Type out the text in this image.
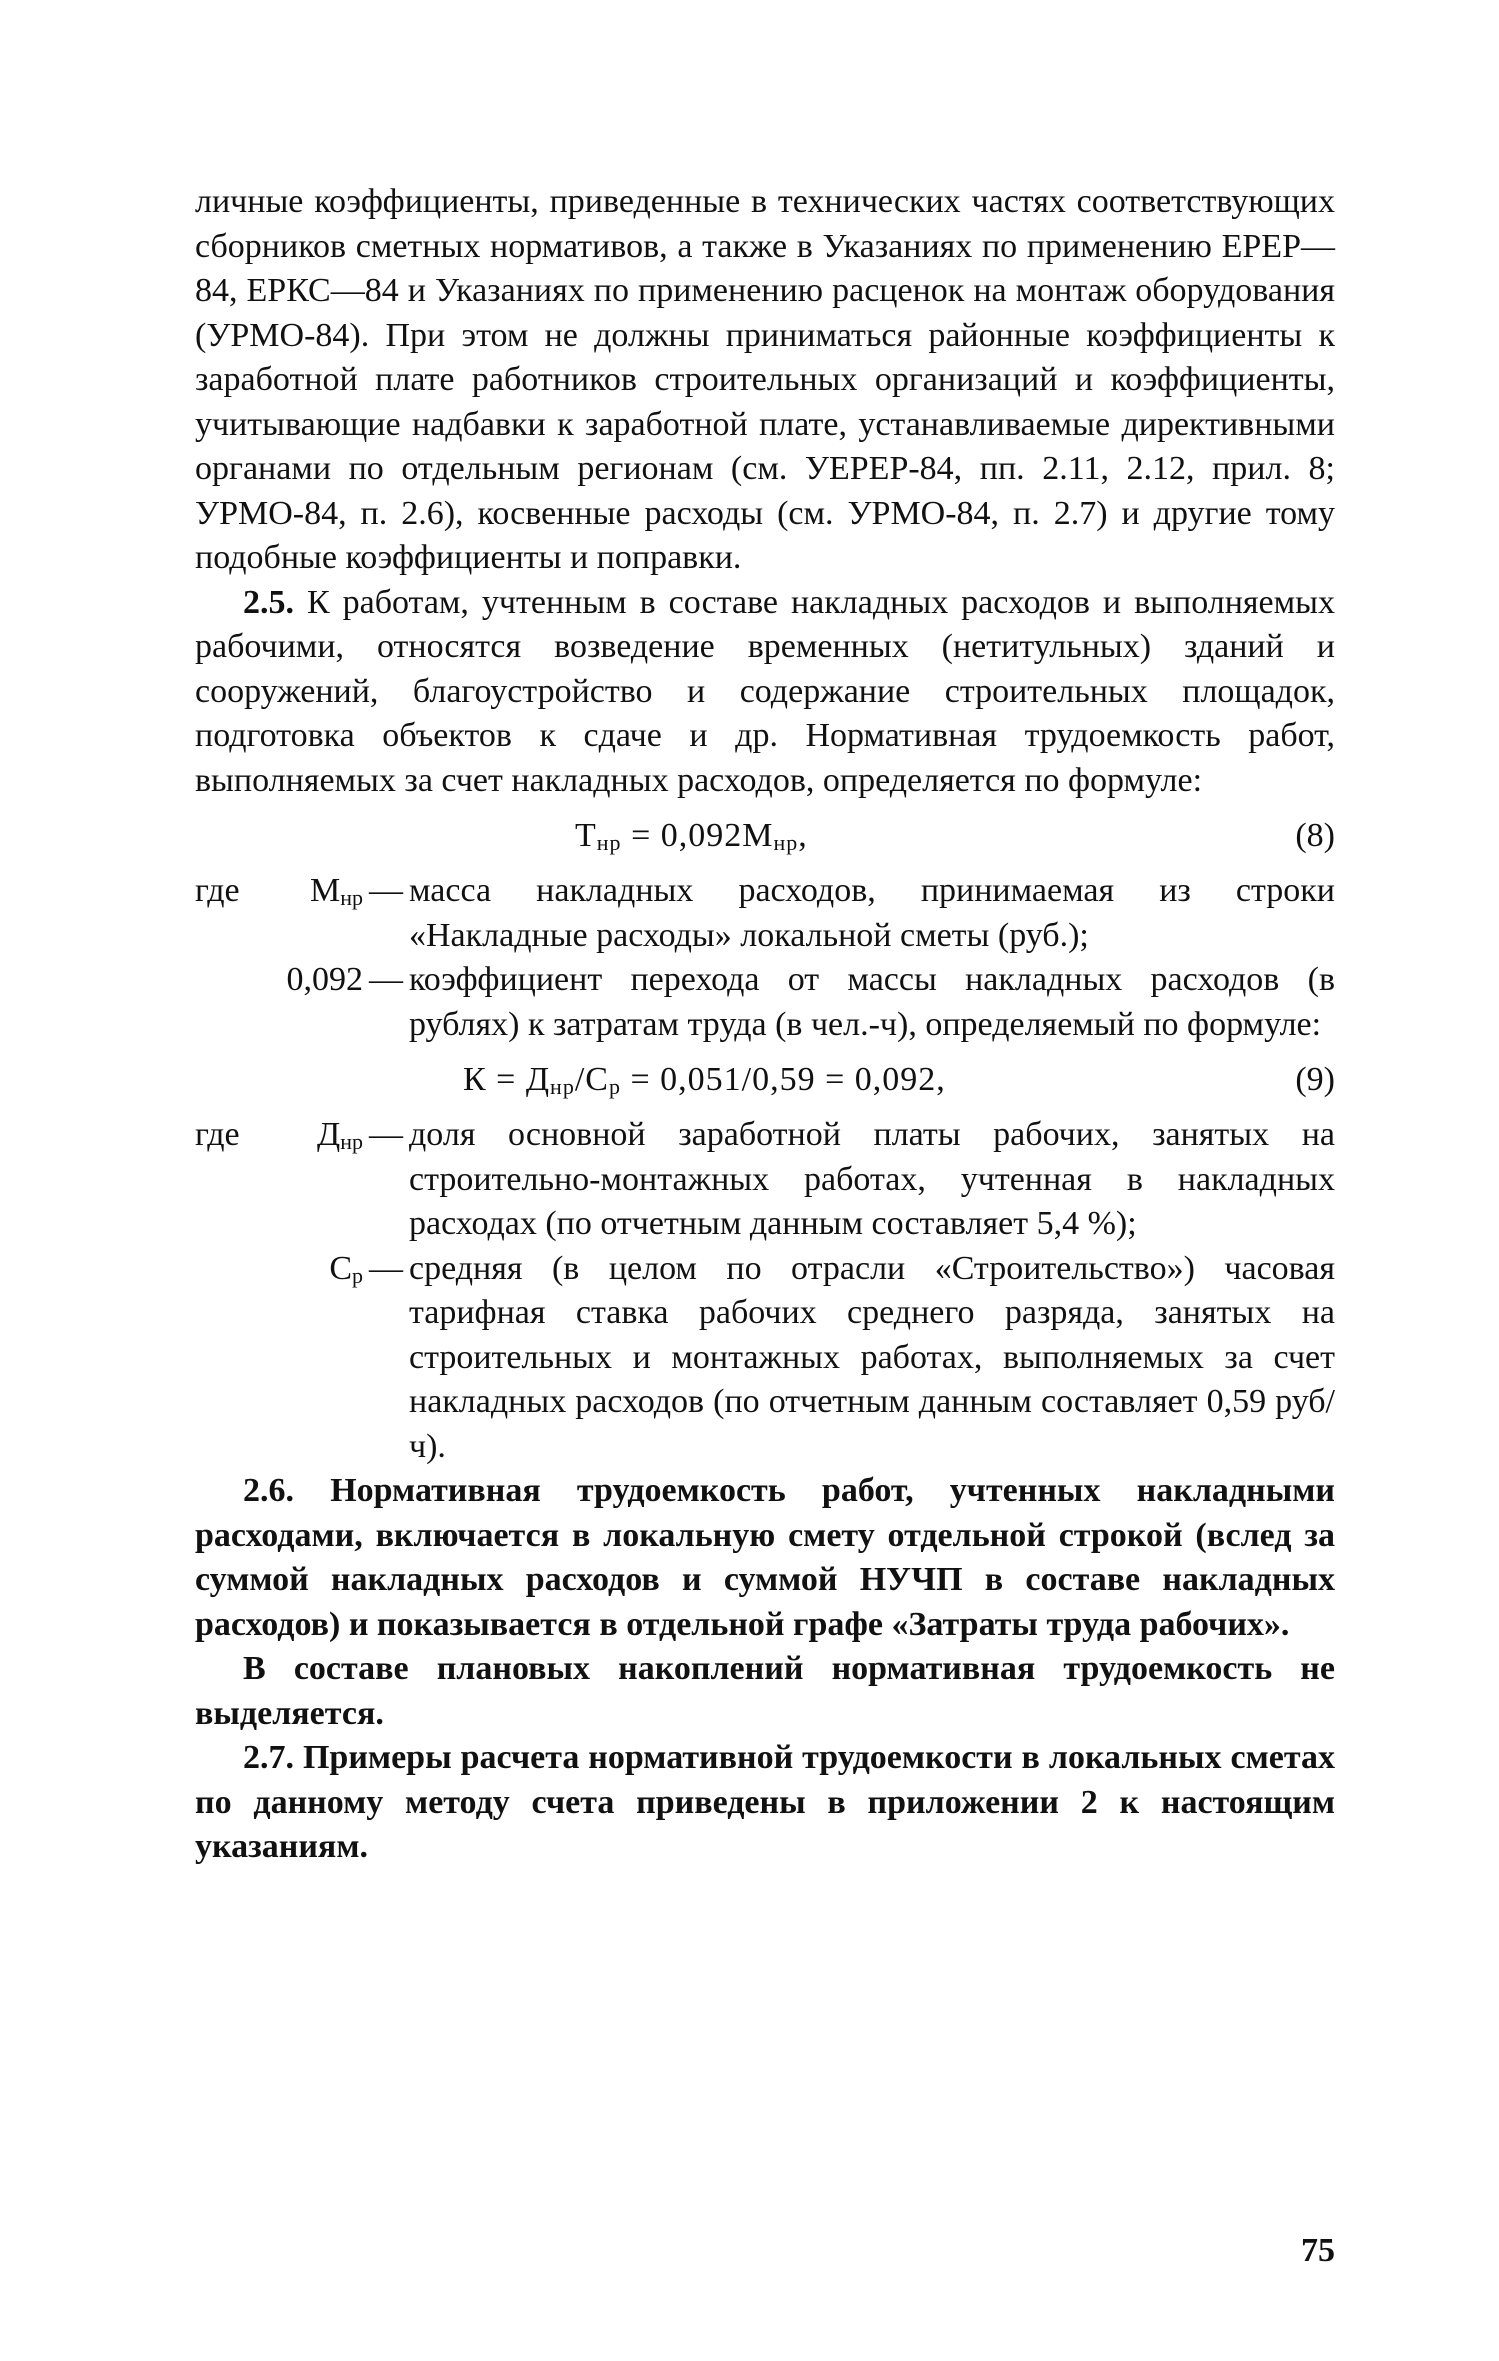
личные коэффициенты, приведенные в технических частях соответствующих сборников сметных нормативов, а также в Указаниях по применению ЕРЕР—84, ЕРКС—84 и Указаниях по применению расценок на монтаж оборудования (УРМО-84). При этом не должны приниматься районные коэффициенты к заработной плате работников строительных организаций и коэффициенты, учитывающие надбавки к заработной плате, устанавливаемые директивными органами по отдельным регионам (см. УЕРЕР-84, пп. 2.11, 2.12, прил. 8; УРМО-84, п. 2.6), косвенные расходы (см. УРМО-84, п. 2.7) и другие тому подобные коэффициенты и поправки.

2.5. К работам, учтенным в составе накладных расходов и выполняемых рабочими, относятся возведение временных (нетитульных) зданий и сооружений, благоустройство и содержание строительных площадок, подготовка объектов к сдаче и др. Нормативная трудоемкость работ, выполняемых за счет накладных расходов, определяется по формуле:

Тнр = 0,092Мнр,	(8)
где Мнр — масса накладных расходов, принимаемая из строки «Накладные расходы» локальной сметы (руб.);
0,092 — коэффициент перехода от массы накладных расходов (в рублях) к затратам труда (в чел.-ч), определяемый по формуле:
К = Днр/Ср = 0,051/0,59 = 0,092,	(9)
где Днр — доля основной заработной платы рабочих, занятых на строительно-монтажных работах, учтенная в накладных расходах (по отчетным данным составляет 5,4 %);
Ср — средняя (в целом по отрасли «Строительство») часовая тарифная ставка рабочих среднего разряда, занятых на строительных и монтажных работах, выполняемых за счет накладных расходов (по отчетным данным составляет 0,59 руб/ч).

2.6. Нормативная трудоемкость работ, учтенных накладными расходами, включается в локальную смету отдельной строкой (вслед за суммой накладных расходов и суммой НУЧП в составе накладных расходов) и показывается в отдельной графе «Затраты труда рабочих».

В составе плановых накоплений нормативная трудоемкость не выделяется.

2.7. Примеры расчета нормативной трудоемкости в локальных сметах по данному методу счета приведены в приложении 2 к настоящим указаниям.

75
